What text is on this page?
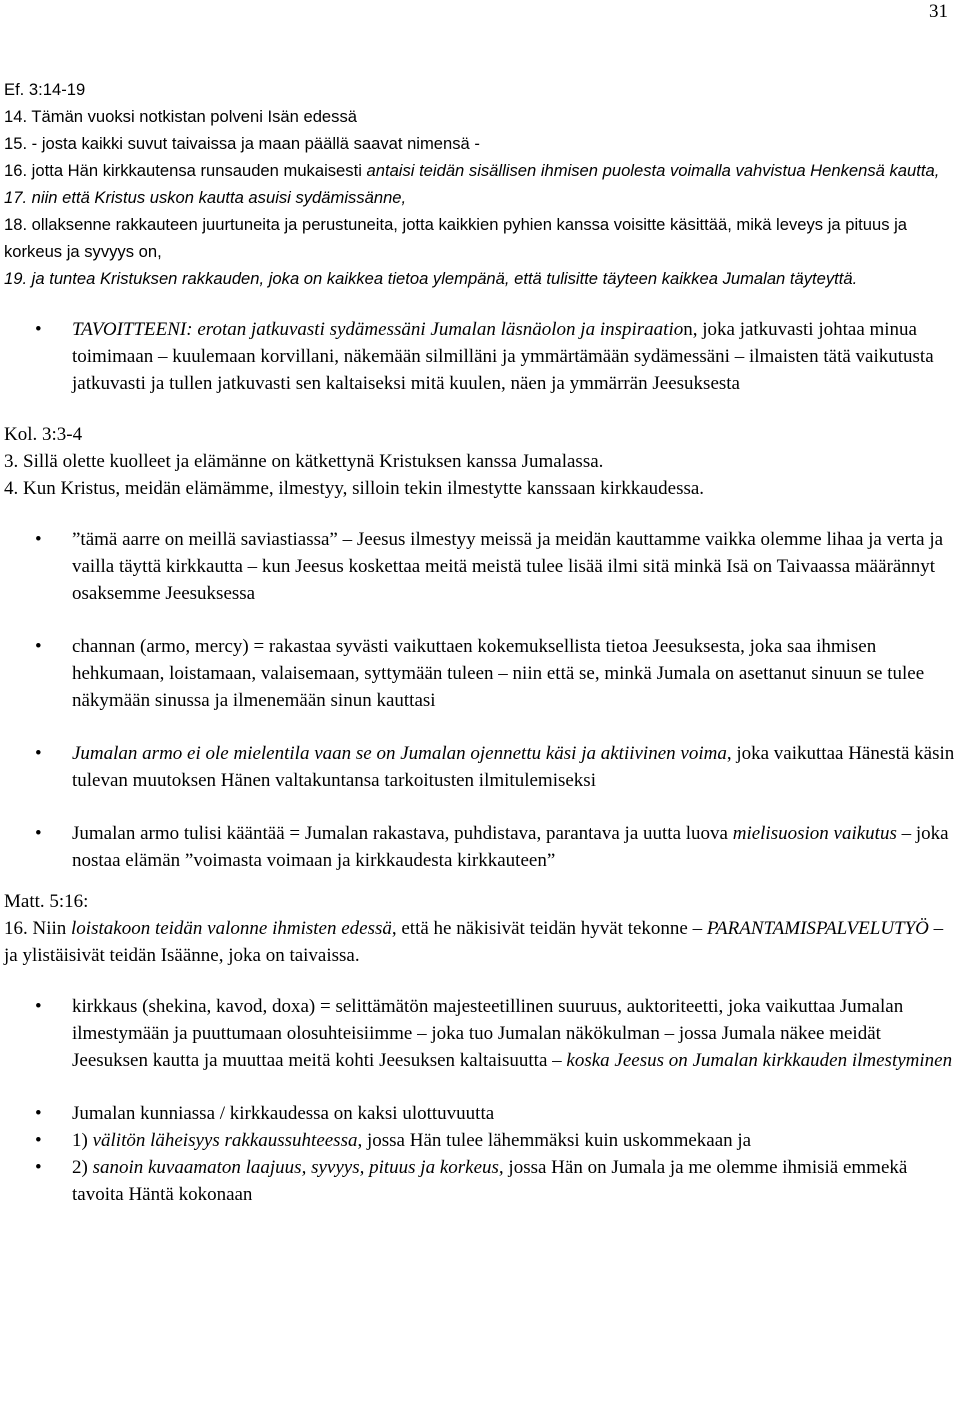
31

Ef. 3:14-19

14. Tämän vuoksi notkistan polveni Isän edessä

15. - josta kaikki suvut taivaissa ja maan päällä saavat nimensä -

16. jotta Hän kirkkautensa runsauden mukaisesti antaisi teidän sisällisen ihmisen puolesta voimalla vahvistua Henkensä kautta,

17. niin että Kristus uskon kautta asuisi sydämissänne,

18. ollaksenne rakkauteen juurtuneita ja perustuneita, jotta kaikkien pyhien kanssa voisitte käsittää, mikä leveys ja pituus ja korkeus ja syvyys on,

19. ja tuntea Kristuksen rakkauden, joka on kaikkea tietoa ylempänä, että tulisitte täyteen kaikkea Jumalan täyteyttä.

• TAVOITTEENI: erotan jatkuvasti sydämessäni Jumalan läsnäolon ja inspiraation, joka jatkuvasti johtaa minua toimimaan – kuulemaan korvillani, näkemään silmilläni ja ymmärtämään sydämessäni – ilmaisten tätä vaikutusta jatkuvasti ja tullen jatkuvasti sen kaltaiseksi mitä kuulen, näen ja ymmärrän Jeesuksesta

Kol. 3:3-4

3. Sillä olette kuolleet ja elämänne on kätkettynä Kristuksen kanssa Jumalassa.

4. Kun Kristus, meidän elämämme, ilmestyy, silloin tekin ilmestytte kanssaan kirkkaudessa.

• ”tämä aarre on meillä saviastiassa” – Jeesus ilmestyy meissä ja meidän kauttamme vaikka olemme lihaa ja verta ja vailla täyttä kirkkautta – kun Jeesus koskettaa meitä meistä tulee lisää ilmi sitä minkä Isä on Taivaassa määrännyt osaksemme Jeesuksessa
• channan (armo, mercy) = rakastaa syvästi vaikuttaen kokemuksellista tietoa Jeesuksesta, joka saa ihmisen hehkumaan, loistamaan, valaisemaan, syttymään tuleen – niin että se, minkä Jumala on asettanut sinuun se tulee näkymään sinussa ja ilmenemään sinun kauttasi
• Jumalan armo ei ole mielentila vaan se on Jumalan ojennettu käsi ja aktiivinen voima, joka vaikuttaa Hänestä käsin tulevan muutoksen Hänen valtakuntansa tarkoitusten ilmitulemiseksi
• Jumalan armo tulisi kääntää = Jumalan rakastava, puhdistava, parantava ja uutta luova mielisuosion vaikutus – joka nostaa elämän ”voimasta voimaan ja kirkkaudesta kirkkauteen”

Matt. 5:16:

16. Niin loistakoon teidän valonne ihmisten edessä, että he näkisivät teidän hyvät tekonne – PARANTAMISPALVELUTYÖ – ja ylistäisivät teidän Isäänne, joka on taivaissa.

• kirkkaus (shekina, kavod, doxa) = selittämätön majesteetillinen suuruus, auktoriteetti, joka vaikuttaa Jumalan ilmestymään ja puuttumaan olosuhteisiimme – joka tuo Jumalan näkökulman – jossa Jumala näkee meidät Jeesuksen kautta ja muuttaa meitä kohti Jeesuksen kaltaisuutta – koska Jeesus on Jumalan kirkkauden ilmestyminen
• Jumalan kunniassa / kirkkaudessa on kaksi ulottuvuutta
• 1) välitön läheisyys rakkaussuhteessa, jossa Hän tulee lähemmäksi kuin uskommekaan ja
• 2) sanoin kuvaamaton laajuus, syvyys, pituus ja korkeus, jossa Hän on Jumala ja me olemme ihmisiä emmekä tavoita Häntä kokonaan
